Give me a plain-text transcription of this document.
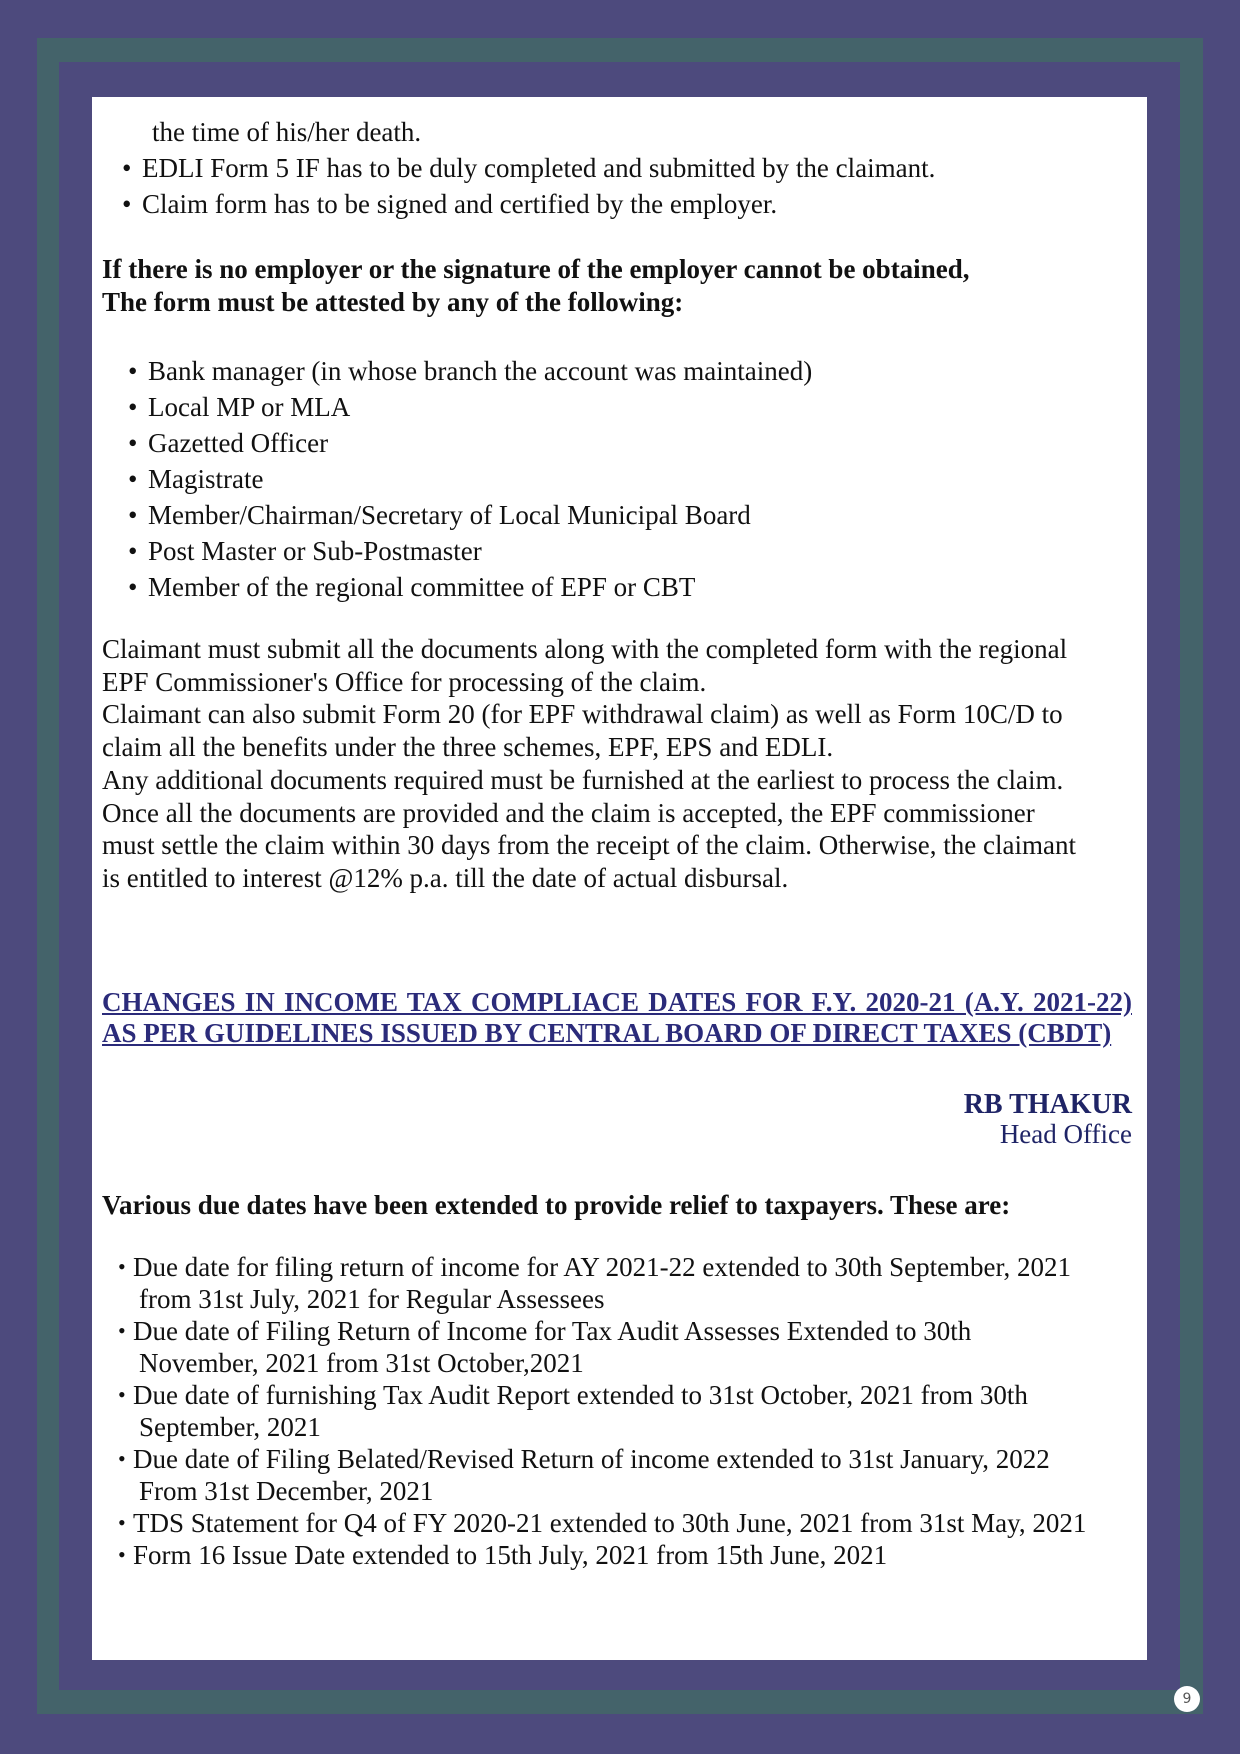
the time of his/her death.
• EDLI Form 5 IF has to be duly completed and submitted by the claimant.
• Claim form has to be signed and certified by the employer.
If there is no employer or the signature of the employer cannot be obtained,
The form must be attested by any of the following:
• Bank manager (in whose branch the account was maintained)
• Local MP or MLA
• Gazetted Officer
• Magistrate
• Member/Chairman/Secretary of Local Municipal Board
• Post Master or Sub-Postmaster
• Member of the regional committee of EPF or CBT

Claimant must submit all the documents along with the completed form with the regional

EPF Commissioner's Office for processing of the claim.

Claimant can also submit Form 20 (for EPF withdrawal claim) as well as Form 10C/D to

claim all the benefits under the three schemes, EPF, EPS and EDLI.

Any additional documents required must be furnished at the earliest to process the claim.

Once all the documents are provided and the claim is accepted, the EPF commissioner

must settle the claim within 30 days from the receipt of the claim. Otherwise, the claimant

is entitled to interest @12% p.a. till the date of actual disbursal.

CHANGES IN INCOME TAX COMPLIACE DATES FOR F.Y. 2020-21 (A.Y. 2021-22) AS PER GUIDELINES ISSUED BY CENTRAL BOARD OF DIRECT TAXES (CBDT)

RB THAKUR
Head Office
Various due dates have been extended to provide relief to taxpayers. These are:
• Due date for filing return of income for AY 2021-22 extended to 30th September, 2021
from 31st July, 2021 for Regular Assessees
• Due date of Filing Return of Income for Tax Audit Assesses Extended to 30th
November, 2021 from 31st October,2021
• Due date of furnishing Tax Audit Report extended to 31st October, 2021 from 30th
September, 2021
• Due date of Filing Belated/Revised Return of income extended to 31st January, 2022
From 31st December, 2021
• TDS Statement for Q4 of FY 2020-21 extended to 30th June, 2021 from 31st May, 2021
• Form 16 Issue Date extended to 15th July, 2021 from 15th June, 2021
9
